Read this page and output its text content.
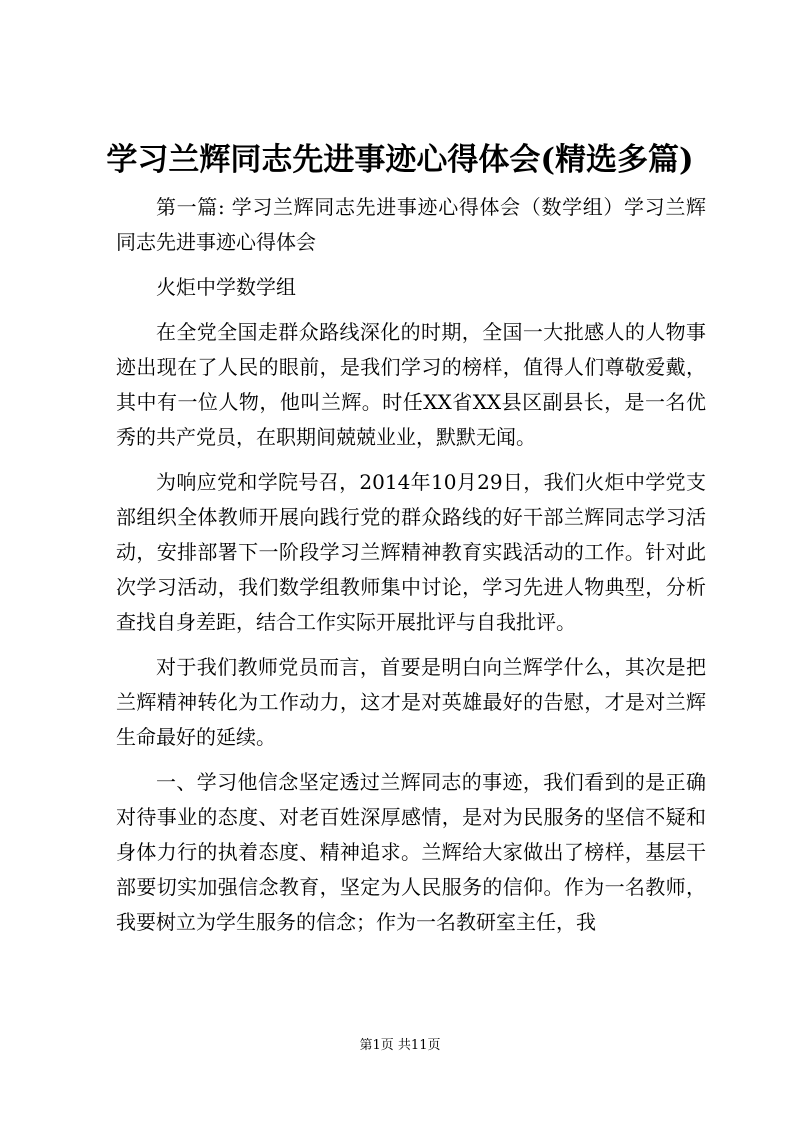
学习兰辉同志先进事迹心得体会(精选多篇)

第一篇: 学习兰辉同志先进事迹心得体会（数学组）学习兰辉同志先进事迹心得体会

火炬中学数学组

在全党全国走群众路线深化的时期，全国一大批感人的人物事迹出现在了人民的眼前，是我们学习的榜样，值得人们尊敬爱戴，其中有一位人物，他叫兰辉。时任XX省XX县区副县长，是一名优秀的共产党员，在职期间兢兢业业，默默无闻。

为响应党和学院号召，2014年10月29日，我们火炬中学党支部组织全体教师开展向践行党的群众路线的好干部兰辉同志学习活动，安排部署下一阶段学习兰辉精神教育实践活动的工作。针对此次学习活动，我们数学组教师集中讨论，学习先进人物典型，分析查找自身差距，结合工作实际开展批评与自我批评。

对于我们教师党员而言，首要是明白向兰辉学什么，其次是把兰辉精神转化为工作动力，这才是对英雄最好的告慰，才是对兰辉生命最好的延续。

一、学习他信念坚定透过兰辉同志的事迹，我们看到的是正确对待事业的态度、对老百姓深厚感情，是对为民服务的坚信不疑和身体力行的执着态度、精神追求。兰辉给大家做出了榜样，基层干部要切实加强信念教育，坚定为人民服务的信仰。作为一名教师，我要树立为学生服务的信念；作为一名教研室主任，我

第1页 共11页
